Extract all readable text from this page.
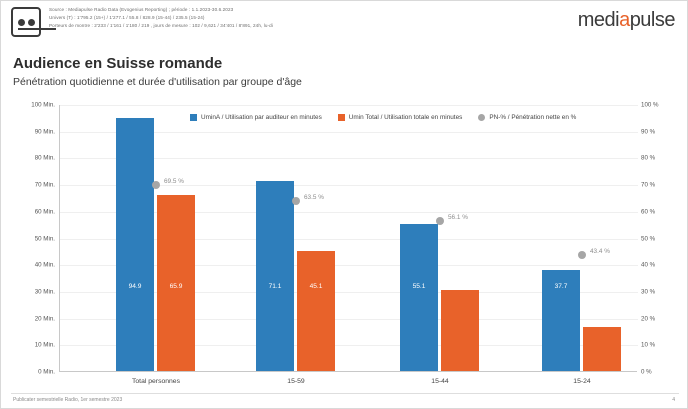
Source : Mediapulse Radio Data (Evogenius Reporting) ; période : 1.1.2023-30.6.2023
Univers (T) : 1'795.2 (15+) / 1'277.1 / 55.8 / 828.9 (15-44) / 235.5 (15-24)
Porteurs de montre : 2'233 / 1'161 / 1'180 / 219 , jours de mesure : 102 / 9,621 / 34'401 / 8'891, 24h, lu-di	mediapulse
Audience en Suisse romande
Pénétration quotidienne et durée d'utilisation par groupe d'âge
100 Min.
90 Min.
80 Min.
70 Min.
60 Min.
50 Min.
40 Min.
30 Min.
20 Min.
10 Min.
0 Min.
100 %
90 %
80 %
70 %
60 %
50 %
40 %
30 %
20 %
10 %
0 %
UminA / Utilisation par auditeur en minutes	Umin Total / Utilisation totale en minutes	PN-% / Pénétration nette en %
94.9	65.9
69.5 %
Total personnes
71.1	45.1
63.5 %
15-59
55.1	30.4
56.1 %
15-44
37.7	16.4
43.4 %
15-24
Publicater semestrielle Radio, 1er semestre 2023	4
